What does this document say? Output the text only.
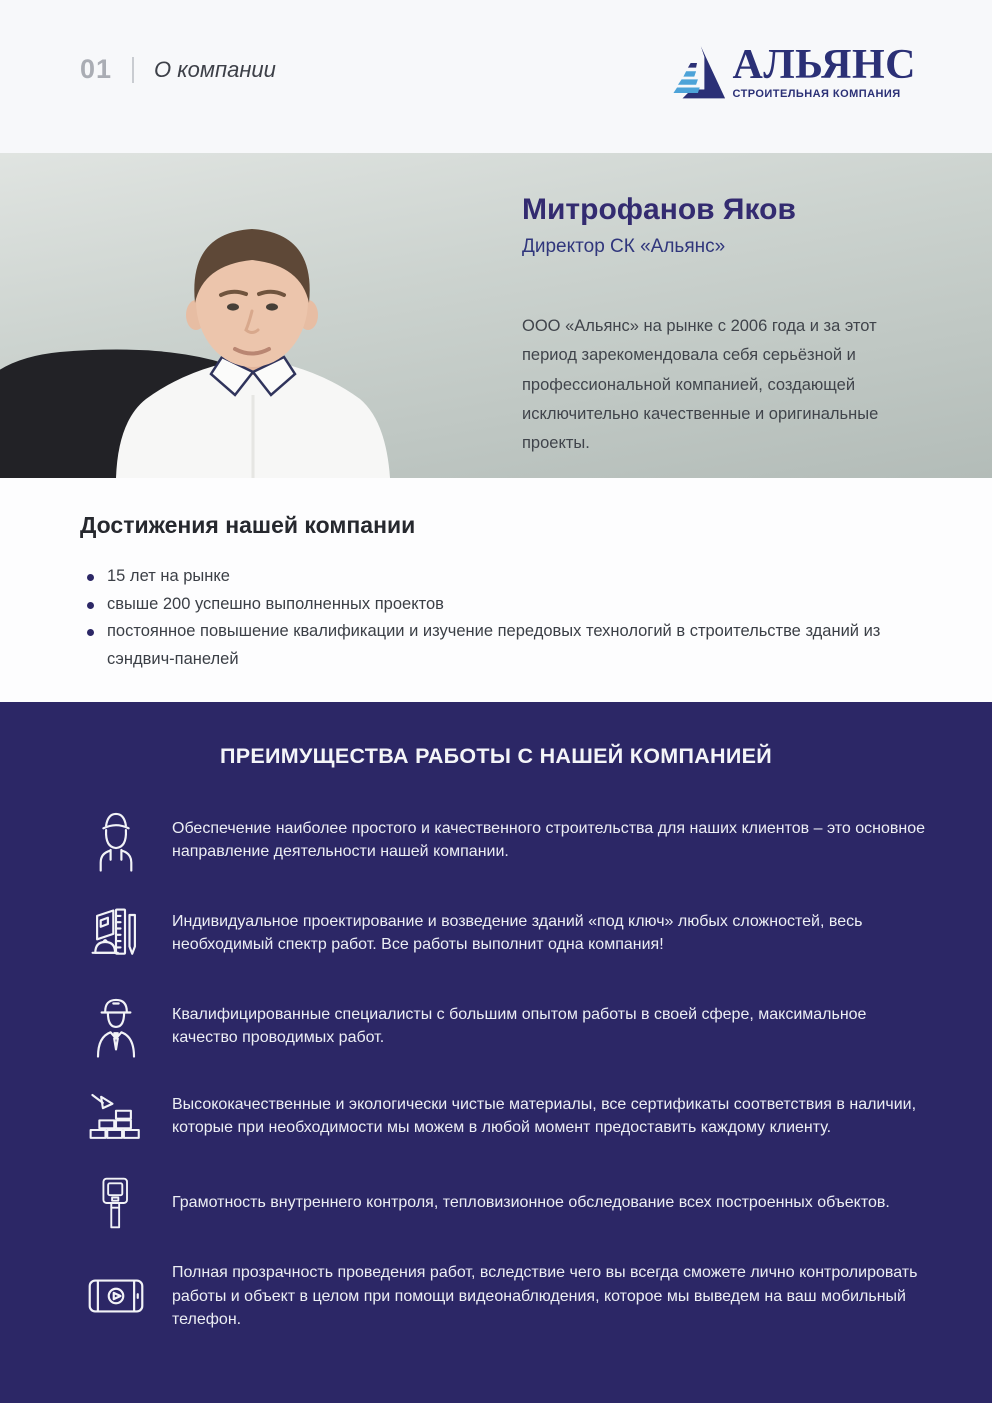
01 О компании	АЛЬЯНС
СТРОИТЕЛЬНАЯ КОМПАНИЯ
Митрофанов Яков
Директор СК «Альянс»
ООО «Альянс» на рынке с 2006 года и за этот период зарекомендовала себя серьёзной и профессиональной компанией, создающей исключительно качественные и оригинальные проекты.
Достижения нашей компании
15 лет на рынке
свыше 200 успешно выполненных проектов
постоянное повышение квалификации и изучение передовых технологий в строительстве зданий из сэндвич-панелей
ПРЕИМУЩЕСТВА РАБОТЫ С НАШЕЙ КОМПАНИЕЙ
Обеспечение наиболее простого и качественного строительства для наших клиентов – это основное направление деятельности нашей компании.
Индивидуальное проектирование и возведение зданий «под ключ» любых сложностей, весь необходимый спектр работ. Все работы выполнит одна компания!
Квалифицированные специалисты с большим опытом работы в своей сфере, максимальное качество проводимых работ.
Высококачественные и экологически чистые материалы, все сертификаты соответствия в наличии, которые при необходимости мы можем в любой момент предоставить каждому клиенту.
Грамотность внутреннего контроля, тепловизионное обследование всех построенных объектов.
Полная прозрачность проведения работ, вследствие чего вы всегда сможете лично контролировать работы и объект в целом при помощи видеонаблюдения, которое мы выведем на ваш мобильный телефон.
